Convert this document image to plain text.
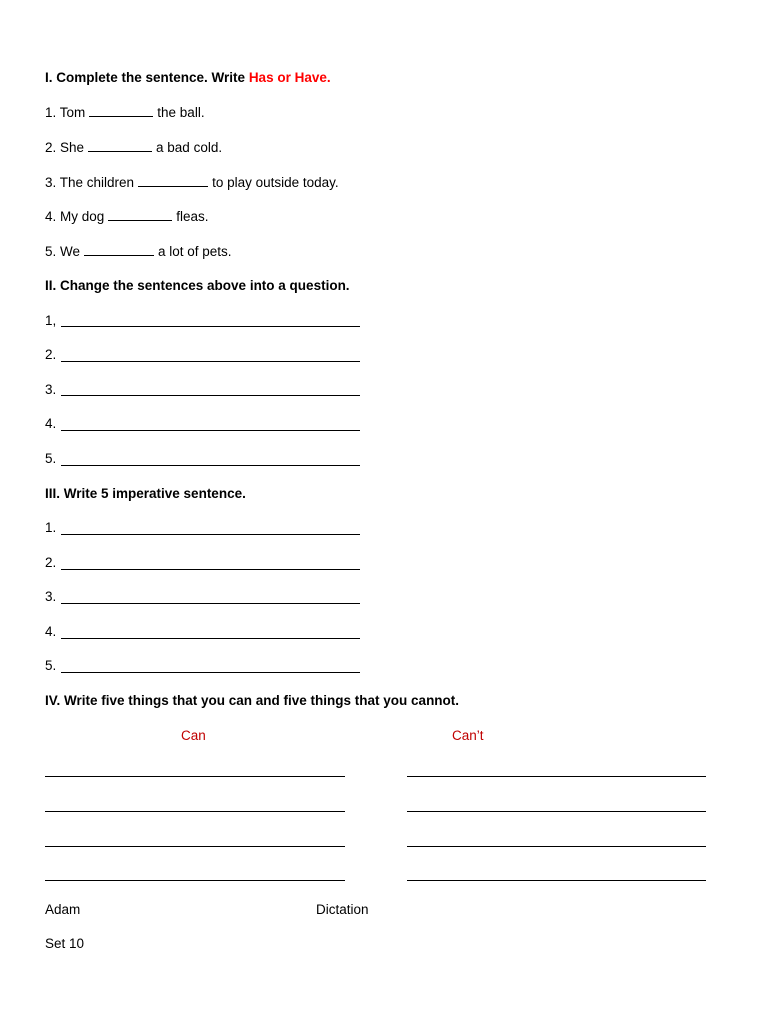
I. Complete the sentence. Write Has or Have.
1. Tom	the ball.
2. She	a bad cold.
3. The children	to play outside today.
4. My dog	fleas.
5. We	a lot of pets.
II. Change the sentences above into a question.
1,
2.
3.
4.
5.
III. Write 5 imperative sentence.
1.
2.
3.
4.
5.
IV. Write five things that you can and five things that you cannot.
Can	Can’t
Adam	Dictation
Set 10
